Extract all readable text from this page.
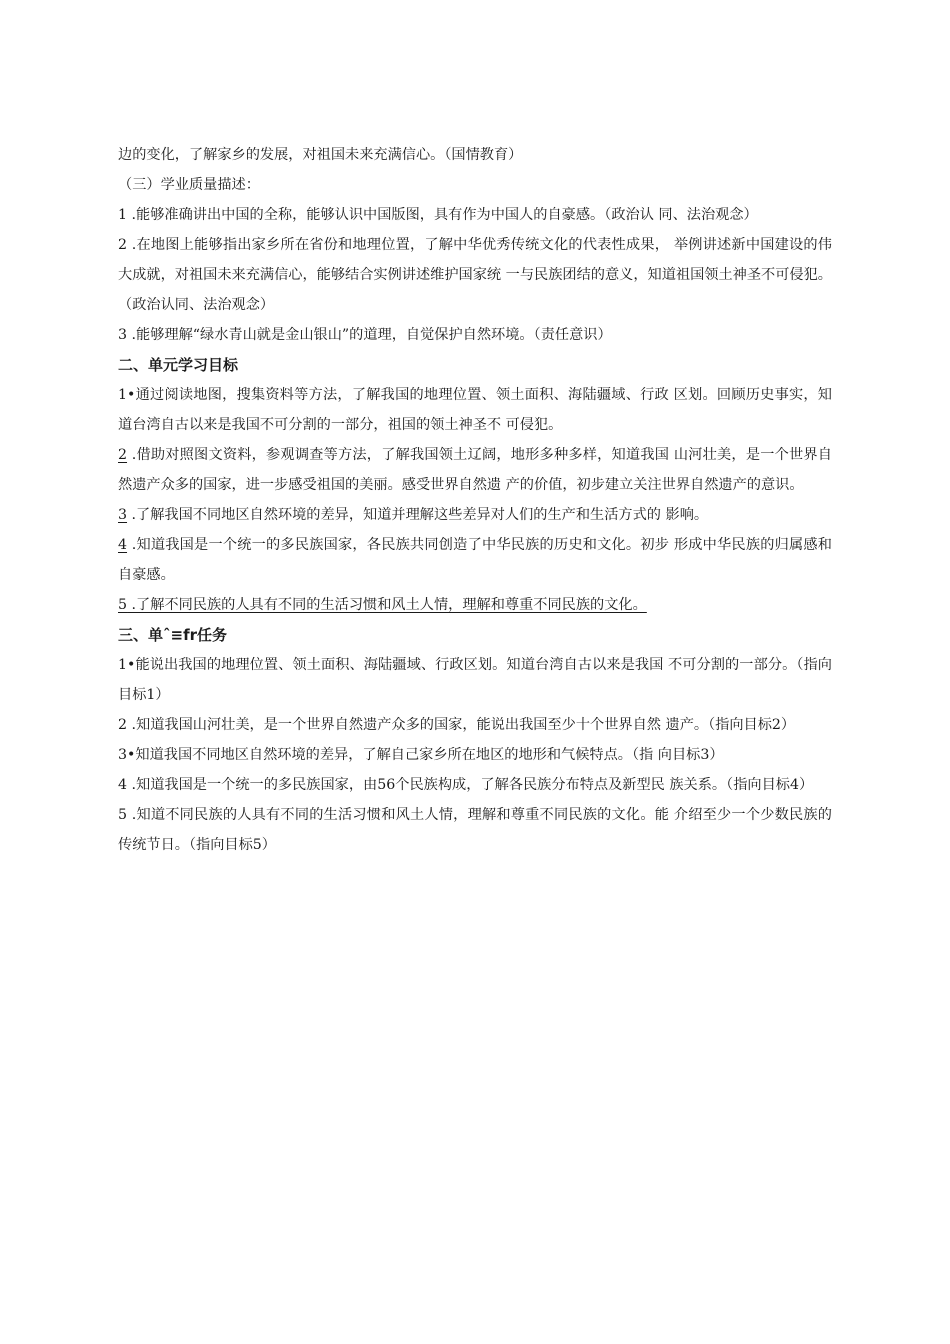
边的变化，了解家乡的发展，对祖国未来充满信心。（国情教育）

（三）学业质量描述：

1 .能够准确讲出中国的全称，能够认识中国版图，具有作为中国人的自豪感。（政治认 同、法治观念）

2 .在地图上能够指出家乡所在省份和地理位置，了解中华优秀传统文化的代表性成果， 举例讲述新中国建设的伟大成就，对祖国未来充满信心，能够结合实例讲述维护国家统 一与民族团结的意义，知道祖国领土神圣不可侵犯。（政治认同、法治观念）

3 .能够理解“绿水青山就是金山银山”的道理，自觉保护自然环境。（责任意识）

二、单元学习目标

1•通过阅读地图，搜集资料等方法，了解我国的地理位置、领土面积、海陆疆域、行政 区划。回顾历史事实，知道台湾自古以来是我国不可分割的一部分，祖国的领土神圣不 可侵犯。

2 .借助对照图文资料，参观调查等方法，了解我国领土辽阔，地形多种多样，知道我国 山河壮美，是一个世界自然遗产众多的国家，进一步感受祖国的美丽。感受世界自然遗 产的价值，初步建立关注世界自然遗产的意识。

3 .了解我国不同地区自然环境的差异，知道并理解这些差异对人们的生产和生活方式的 影响。

4 .知道我国是一个统一的多民族国家，各民族共同创造了中华民族的历史和文化。初步 形成中华民族的归属感和自豪感。

5 .了解不同民族的人具有不同的生活习惯和风土人情，理解和尊重不同民族的文化。

三、单ˆ≡fr任务

1•能说出我国的地理位置、领土面积、海陆疆域、行政区划。知道台湾自古以来是我国 不可分割的一部分。（指向目标1）

2 .知道我国山河壮美，是一个世界自然遗产众多的国家，能说出我国至少十个世界自然 遗产。（指向目标2）

3•知道我国不同地区自然环境的差异，了解自己家乡所在地区的地形和气候特点。（指 向目标3）

4 .知道我国是一个统一的多民族国家，由56个民族构成，了解各民族分布特点及新型民 族关系。（指向目标4）

5 .知道不同民族的人具有不同的生活习惯和风土人情，理解和尊重不同民族的文化。能 介绍至少一个少数民族的传统节日。（指向目标5）
